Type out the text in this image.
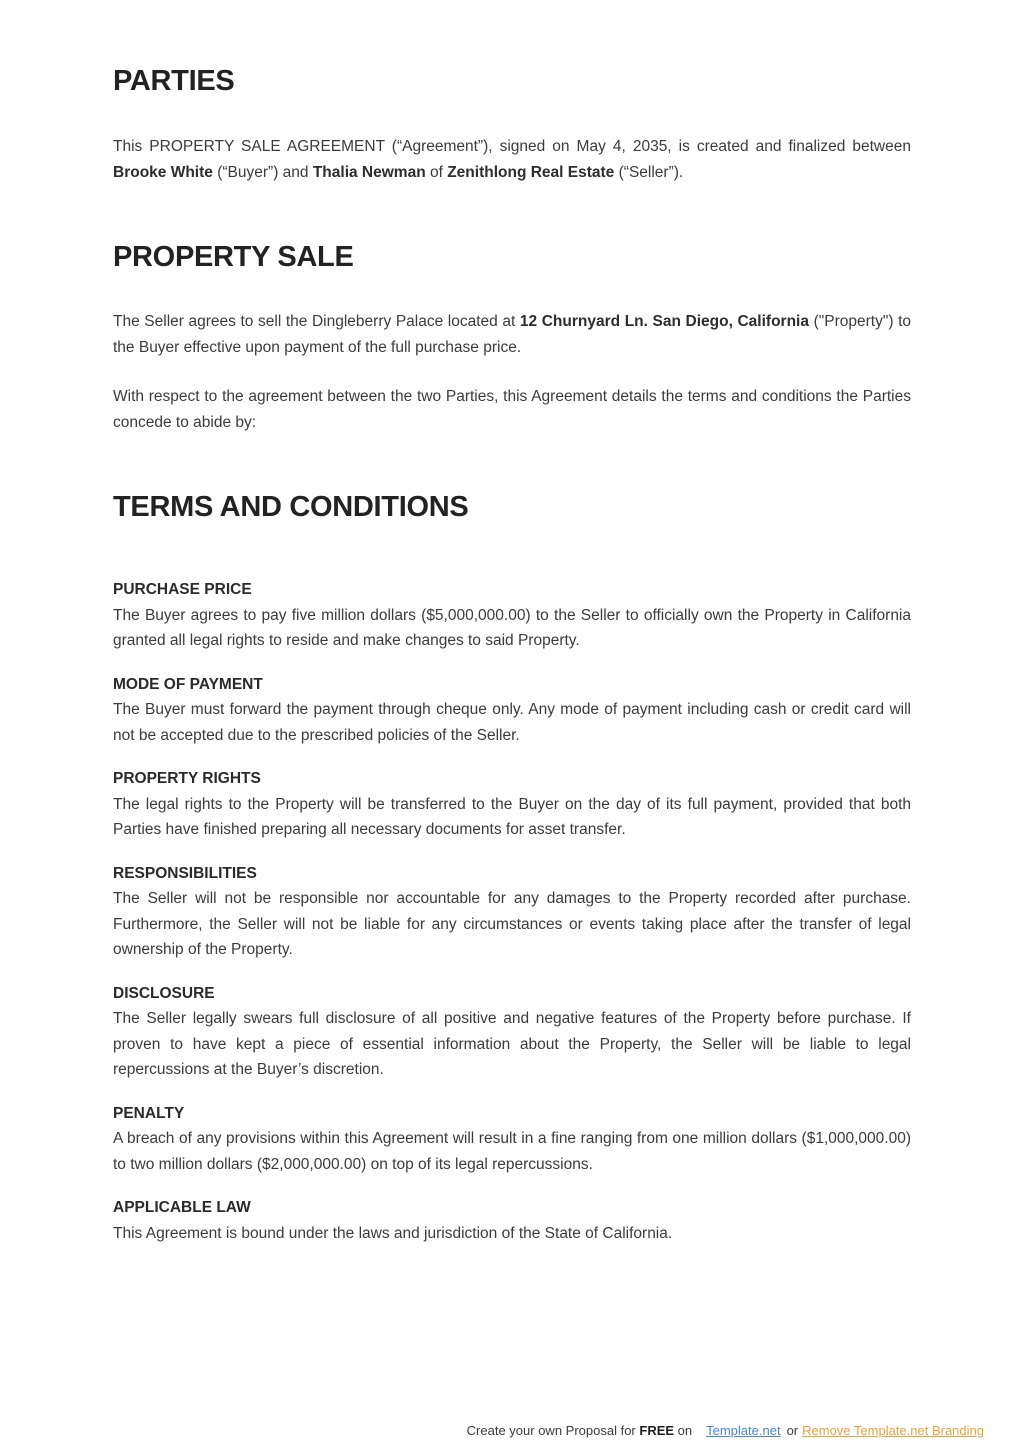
PARTIES

This PROPERTY SALE AGREEMENT (“Agreement”), signed on May 4, 2035, is created and finalized between Brooke White (“Buyer”) and Thalia Newman of Zenithlong Real Estate (“Seller”).

PROPERTY SALE

The Seller agrees to sell the Dingleberry Palace located at 12 Churnyard Ln. San Diego, California ("Property") to the Buyer effective upon payment of the full purchase price.

With respect to the agreement between the two Parties, this Agreement details the terms and conditions the Parties concede to abide by:

TERMS AND CONDITIONS
PURCHASE PRICE

The Buyer agrees to pay five million dollars ($5,000,000.00) to the Seller to officially own the Property in California granted all legal rights to reside and make changes to said Property.

MODE OF PAYMENT

The Buyer must forward the payment through cheque only. Any mode of payment including cash or credit card will not be accepted due to the prescribed policies of the Seller.

PROPERTY RIGHTS

The legal rights to the Property will be transferred to the Buyer on the day of its full payment, provided that both Parties have finished preparing all necessary documents for asset transfer.

RESPONSIBILITIES

The Seller will not be responsible nor accountable for any damages to the Property recorded after purchase. Furthermore, the Seller will not be liable for any circumstances or events taking place after the transfer of legal ownership of the Property.

DISCLOSURE

The Seller legally swears full disclosure of all positive and negative features of the Property before purchase. If proven to have kept a piece of essential information about the Property, the Seller will be liable to legal repercussions at the Buyer’s discretion.

PENALTY

A breach of any provisions within this Agreement will result in a fine ranging from one million dollars ($1,000,000.00) to two million dollars ($2,000,000.00) on top of its legal repercussions.

APPLICABLE LAW

This Agreement is bound under the laws and jurisdiction of the State of California.

Create your own Proposal for FREE on Template.net or Remove Template.net Branding
